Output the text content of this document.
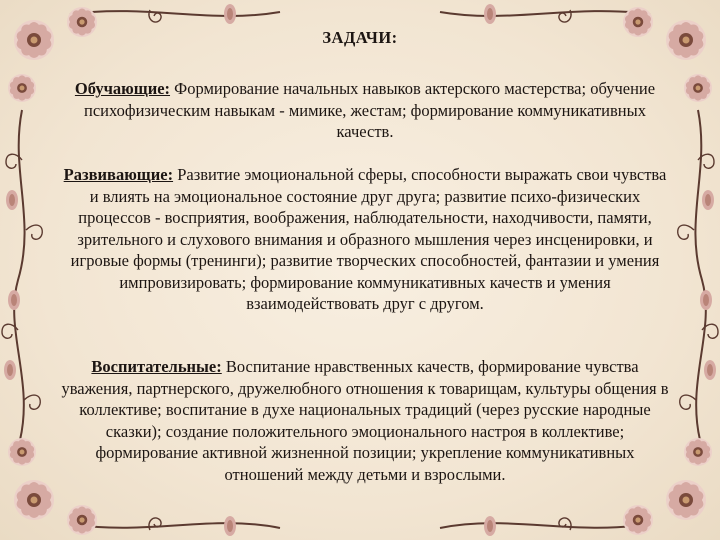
ЗАДАЧИ:

Обучающие: Формирование начальных навыков актерского мастерства; обучение психофизическим навыкам - мимике, жестам; формирование коммуникативных качеств.

Развивающие: Развитие эмоциональной сферы, способности выражать свои чувства и влиять на эмоциональное состояние друг друга; развитие психо-физических процессов - восприятия, воображения, наблюдательности, находчивости, памяти, зрительного и слухового внимания и образного мышления через инсценировки, и игровые формы (тренинги); развитие творческих способностей, фантазии и умения импровизировать; формирование коммуникативных качеств и умения взаимодействовать друг с другом.

Воспитательные: Воспитание нравственных качеств, формирование чувства уважения, партнерского, дружелюбного отношения к товарищам, культуры общения в коллективе; воспитание в духе национальных традиций (через русские народные сказки); создание положительного эмоционального настроя в коллективе; формирование активной жизненной позиции; укрепление коммуникативных отношений между детьми и взрослыми.
